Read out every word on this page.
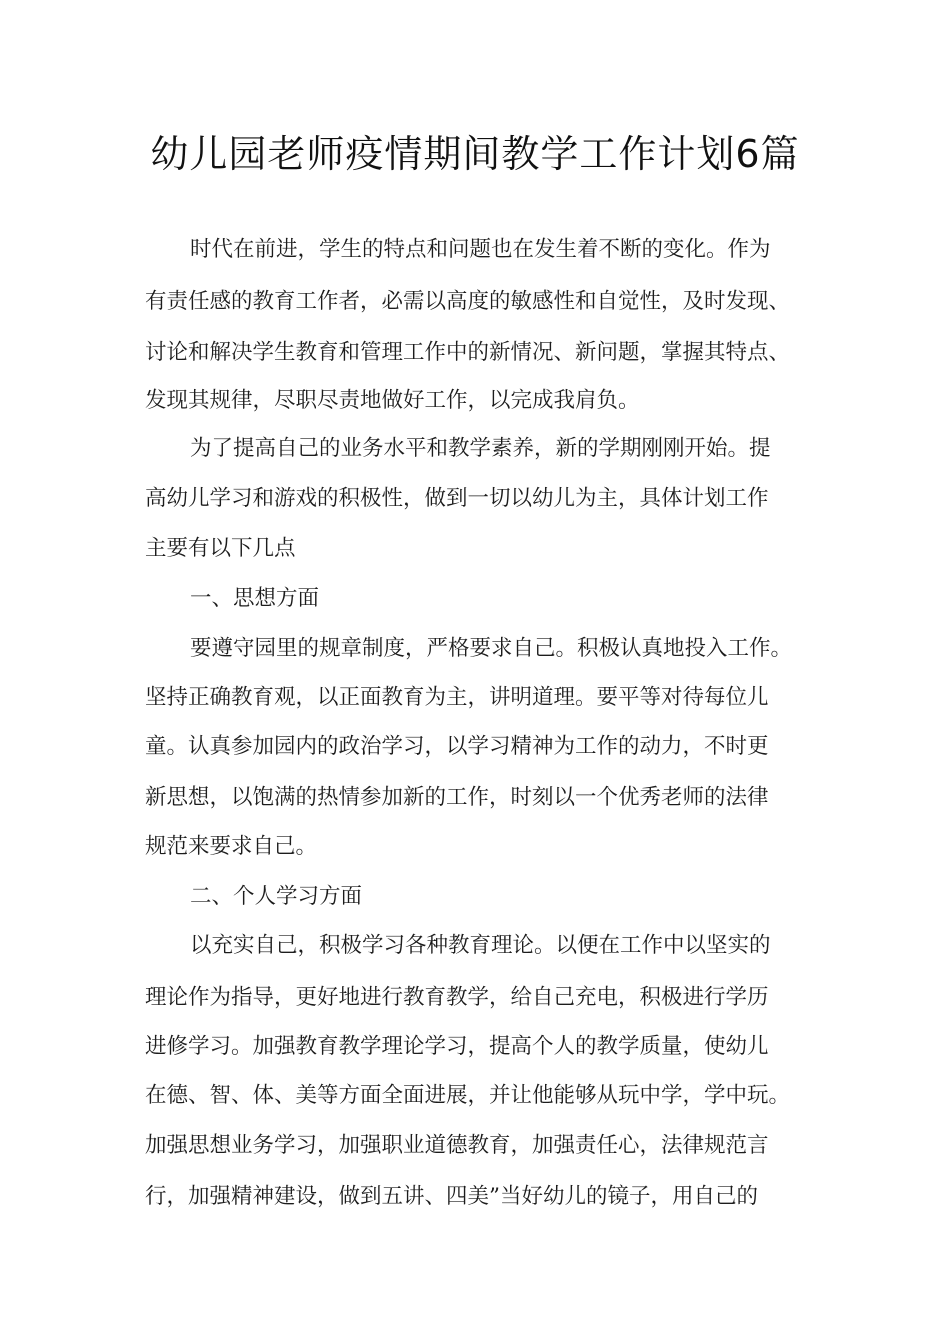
幼儿园老师疫情期间教学工作计划6篇
时代在前进，学生的特点和问题也在发生着不断的变化。作为
有责任感的教育工作者，必需以高度的敏感性和自觉性，及时发现、
讨论和解决学生教育和管理工作中的新情况、新问题，掌握其特点、
发现其规律，尽职尽责地做好工作，以完成我肩负。
为了提高自己的业务水平和教学素养，新的学期刚刚开始。提
高幼儿学习和游戏的积极性，做到一切以幼儿为主，具体计划工作
主要有以下几点
一、思想方面
要遵守园里的规章制度，严格要求自己。积极认真地投入工作。
坚持正确教育观，以正面教育为主，讲明道理。要平等对待每位儿
童。认真参加园内的政治学习，以学习精神为工作的动力，不时更
新思想，以饱满的热情参加新的工作，时刻以一个优秀老师的法律
规范来要求自己。
二、个人学习方面
以充实自己，积极学习各种教育理论。以便在工作中以坚实的
理论作为指导，更好地进行教育教学，给自己充电，积极进行学历
进修学习。加强教育教学理论学习，提高个人的教学质量，使幼儿
在德、智、体、美等方面全面进展，并让他能够从玩中学，学中玩。
加强思想业务学习，加强职业道德教育，加强责任心，法律规范言
行，加强精神建设，做到五讲、四美”当好幼儿的镜子，用自己的
